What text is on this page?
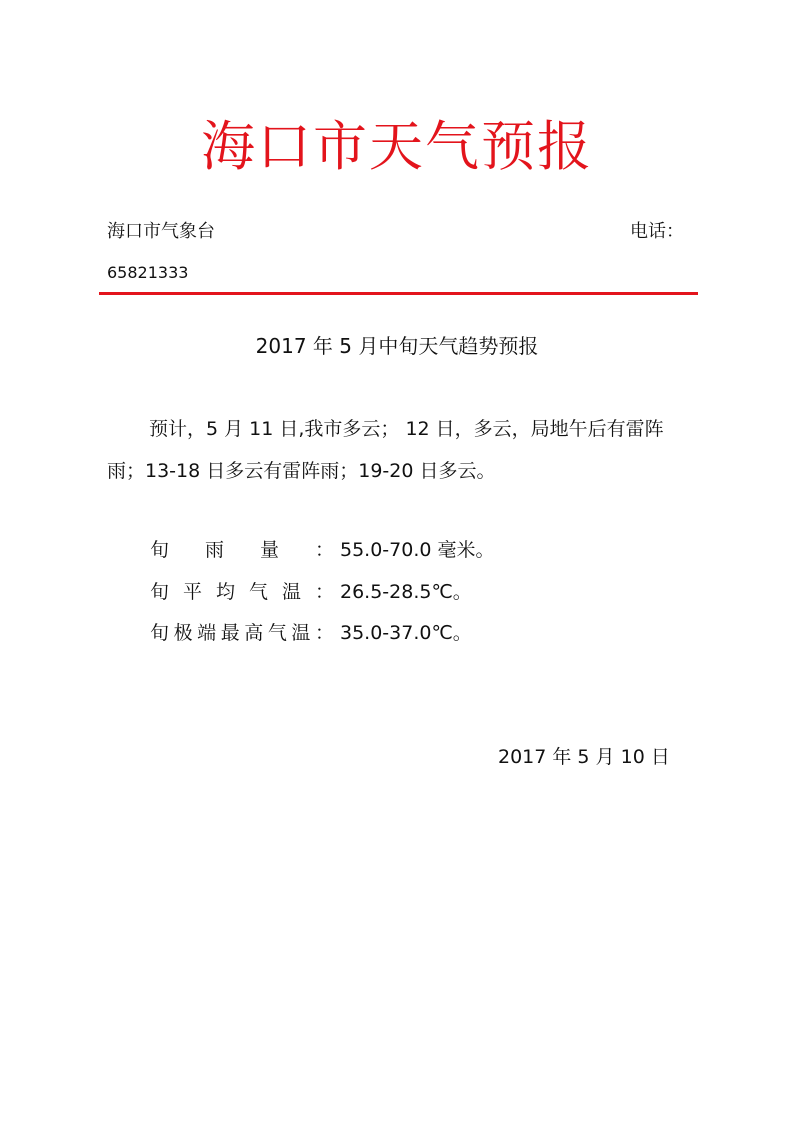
海口市天气预报
海口市气象台	电话：
65821333
2017 年 5 月中旬天气趋势预报
预计，5 月 11 日,我市多云； 12 日，多云，局地午后有雷阵雨；13-18 日多云有雷阵雨；19-20 日多云。
旬雨量： 55.0-70.0 毫米。
旬平均气温： 26.5-28.5℃。
旬极端最高气温： 35.0-37.0℃。
2017 年 5 月 10 日
